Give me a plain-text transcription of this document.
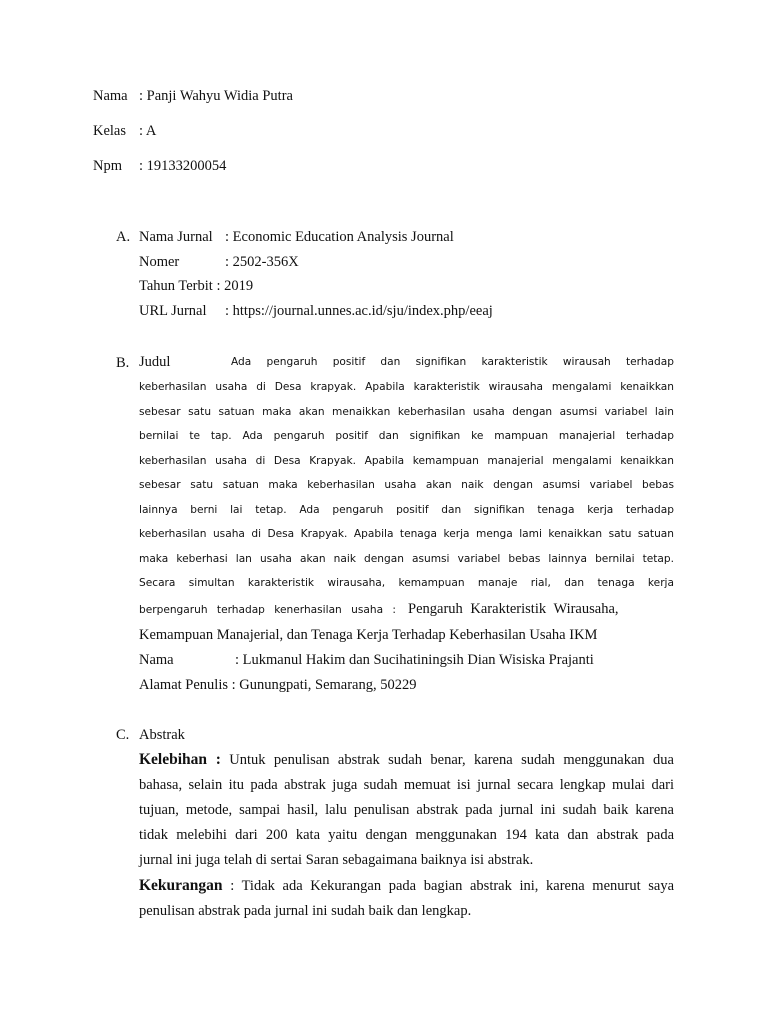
Nama : Panji Wahyu Widia Putra
Kelas : A
Npm : 19133200054
A. Nama Jurnal : Economic Education Analysis Journal
Nomer	: 2502-356X
Tahun Terbit : 2019
URL Jurnal : https://journal.unnes.ac.id/sju/index.php/eeaj
B. Judul	Ada pengaruh positif dan signifikan karakteristik wirausah terhadap
keberhasilan usaha di Desa krapyak. Apabila karakteristik wirausaha mengalami kenaikkan
sebesar satu satuan maka akan menaikkan keberhasilan usaha dengan asumsi variabel lain
bernilai te tap. Ada pengaruh positif dan signifikan ke mampuan manajerial terhadap
keberhasilan usaha di Desa Krapyak. Apabila kemampuan manajerial mengalami kenaikkan
sebesar satu satuan maka keberhasilan usaha akan naik dengan asumsi variabel bebas
lainnya berni lai tetap. Ada pengaruh positif dan signifikan tenaga kerja terhadap
keberhasilan usaha di Desa Krapyak. Apabila tenaga kerja menga lami kenaikkan satu satuan
maka keberhasi lan usaha akan naik dengan asumsi variabel bebas lainnya bernilai tetap.
Secara simultan karakteristik wirausaha, kemampuan manaje rial, dan tenaga kerja
berpengaruh terhadap kenerhasilan usaha : Pengaruh Karakteristik Wirausaha,
Kemampuan Manajerial, dan Tenaga Kerja Terhadap Keberhasilan Usaha IKM
Nama	: Lukmanul Hakim dan Sucihatiningsih Dian Wisiska Prajanti
Alamat Penulis : Gunungpati, Semarang, 50229
C. Abstrak
Kelebihan : Untuk penulisan abstrak sudah benar, karena sudah menggunakan dua
bahasa, selain itu pada abstrak juga sudah memuat isi jurnal secara lengkap mulai dari
tujuan, metode, sampai hasil, lalu penulisan abstrak pada jurnal ini sudah baik karena
tidak melebihi dari 200 kata yaitu dengan menggunakan 194 kata dan abstrak pada
jurnal ini juga telah di sertai Saran sebagaimana baiknya isi abstrak.
Kekurangan : Tidak ada Kekurangan pada bagian abstrak ini, karena menurut saya
penulisan abstrak pada jurnal ini sudah baik dan lengkap.
